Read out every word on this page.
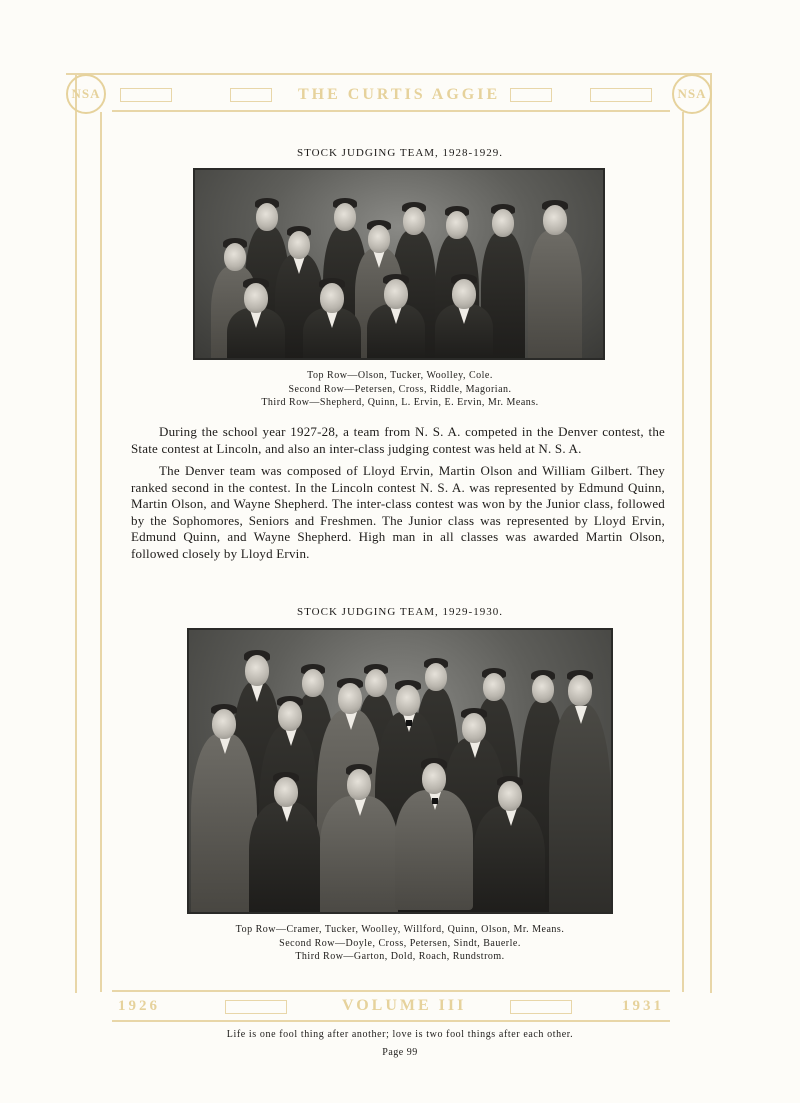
NSA	NSA
THE CURTIS AGGIE
1926	VOLUME III	1931
STOCK JUDGING TEAM, 1928-1929.
Top Row—Olson, Tucker, Woolley, Cole.
Second Row—Petersen, Cross, Riddle, Magorian.
Third Row—Shepherd, Quinn, L. Ervin, E. Ervin, Mr. Means.

During the school year 1927-28, a team from N. S. A. competed in the Denver contest, the State contest at Lincoln, and also an inter-class judging contest was held at N. S. A.

The Denver team was composed of Lloyd Ervin, Martin Olson and William Gilbert. They ranked second in the contest. In the Lincoln contest N. S. A. was represented by Edmund Quinn, Martin Olson, and Wayne Shepherd. The inter-class contest was won by the Junior class, followed by the Sophomores, Seniors and Freshmen. The Junior class was represented by Lloyd Ervin, Edmund Quinn, and Wayne Shepherd. High man in all classes was awarded Martin Olson, followed closely by Lloyd Ervin.

STOCK JUDGING TEAM, 1929-1930.
Top Row—Cramer, Tucker, Woolley, Willford, Quinn, Olson, Mr. Means.
Second Row—Doyle, Cross, Petersen, Sindt, Bauerle.
Third Row—Garton, Dold, Roach, Rundstrom.
Life is one fool thing after another; love is two fool things after each other.
Page 99
